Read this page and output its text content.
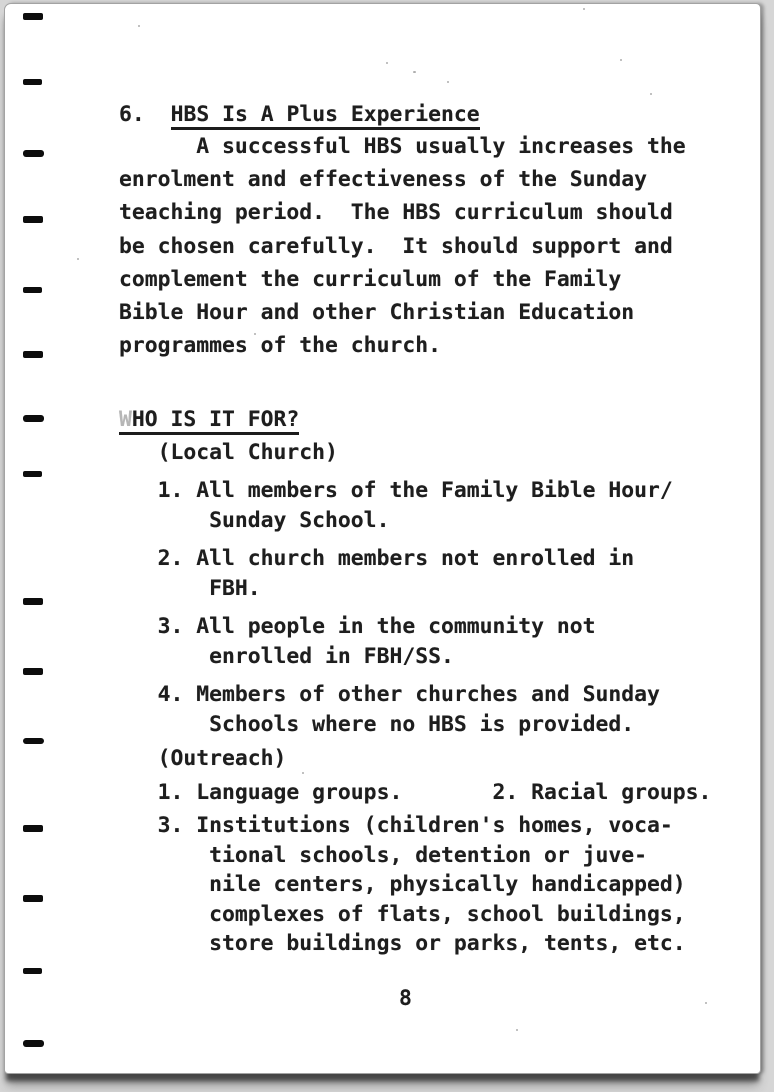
6. HBS Is A Plus Experience
A successful HBS usually increases the
enrolment and effectiveness of the Sunday
teaching period.  The HBS curriculum should
be chosen carefully.  It should support and
complement the curriculum of the Family
Bible Hour and other Christian Education
programmes of the church.
WHO IS IT FOR?
(Local Church)
1. All members of the Family Bible Hour/
Sunday School.
2. All church members not enrolled in
FBH.
3. All people in the community not
enrolled in FBH/SS.
4. Members of other churches and Sunday
Schools where no HBS is provided.
(Outreach)
1. Language groups.       2. Racial groups.
3. Institutions (children's homes, voca-
tional schools, detention or juve-
nile centers, physically handicapped)
complexes of flats, school buildings,
store buildings or parks, tents, etc.
8
